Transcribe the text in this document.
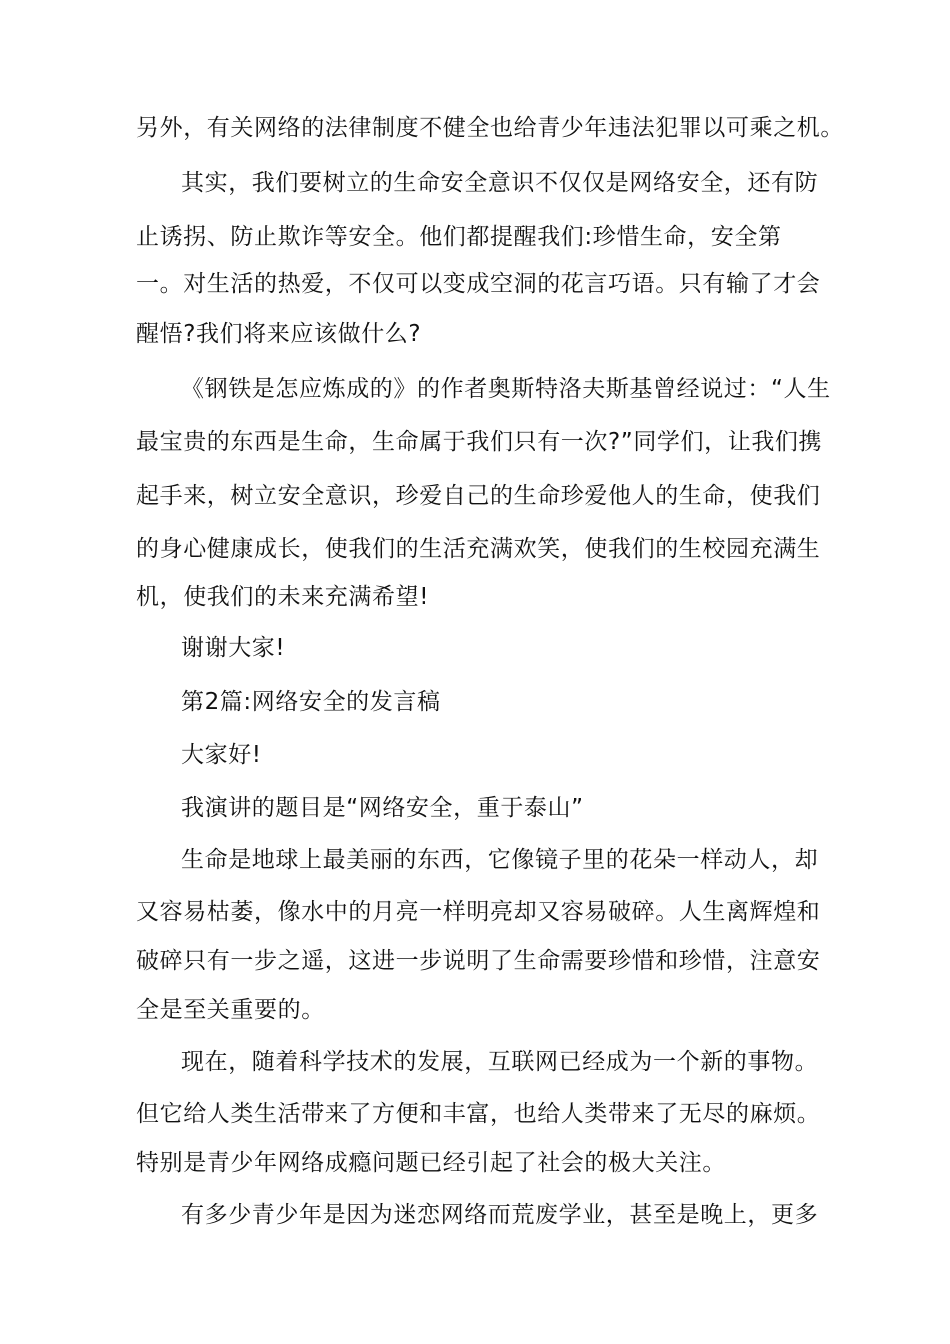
另外，有关网络的法律制度不健全也给青少年违法犯罪以可乘之机。
其实，我们要树立的生命安全意识不仅仅是网络安全，还有防
止诱拐、防止欺诈等安全。他们都提醒我们:珍惜生命，安全第
一。对生活的热爱，不仅可以变成空洞的花言巧语。只有输了才会
醒悟?我们将来应该做什么?
《钢铁是怎应炼成的》的作者奥斯特洛夫斯基曾经说过：“人生
最宝贵的东西是生命，生命属于我们只有一次?”同学们，让我们携
起手来，树立安全意识，珍爱自己的生命珍爱他人的生命，使我们
的身心健康成长，使我们的生活充满欢笑，使我们的生校园充满生
机，使我们的未来充满希望!
谢谢大家!
第2篇:网络安全的发言稿
大家好!
我演讲的题目是“网络安全，重于泰山”
生命是地球上最美丽的东西，它像镜子里的花朵一样动人，却
又容易枯萎，像水中的月亮一样明亮却又容易破碎。人生离辉煌和
破碎只有一步之遥，这进一步说明了生命需要珍惜和珍惜，注意安
全是至关重要的。
现在，随着科学技术的发展，互联网已经成为一个新的事物。
但它给人类生活带来了方便和丰富，也给人类带来了无尽的麻烦。
特别是青少年网络成瘾问题已经引起了社会的极大关注。
有多少青少年是因为迷恋网络而荒废学业，甚至是晚上，更多
